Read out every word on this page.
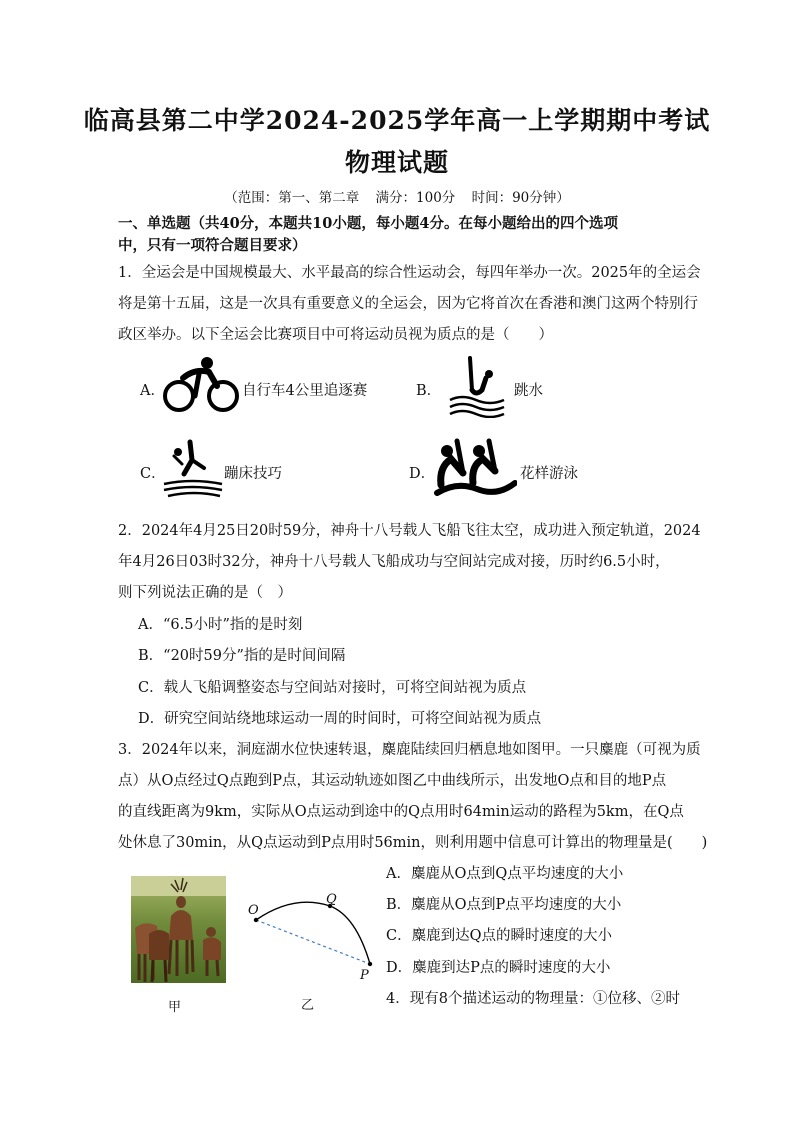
临高县第二中学2024-2025学年高一上学期期中考试
物理试题
（范围：第一、第二章 满分：100分 时间：90分钟）
一、单选题（共40分，本题共10小题，每小题4分。在每小题给出的四个选项
中，只有一项符合题目要求）
1．全运会是中国规模最大、水平最高的综合性运动会，每四年举办一次。2025年的全运会
将是第十五届，这是一次具有重要意义的全运会，因为它将首次在香港和澳门这两个特别行
政区举办。以下全运会比赛项目中可将运动员视为质点的是（　　）
A．	自行车4公里追逐赛	B．	跳水
C．	蹦床技巧	D．	花样游泳
2．2024年4月25日20时59分，神舟十八号载人飞船飞往太空，成功进入预定轨道，2024
年4月26日03时32分，神舟十八号载人飞船成功与空间站完成对接，历时约6.5小时，
则下列说法正确的是（　）
A．“6.5小时”指的是时刻
B．“20时59分”指的是时间间隔
C．载人飞船调整姿态与空间站对接时，可将空间站视为质点
D．研究空间站绕地球运动一周的时间时，可将空间站视为质点
3．2024年以来，洞庭湖水位快速转退，麋鹿陆续回归栖息地如图甲。一只麋鹿（可视为质
点）从O点经过Q点跑到P点，其运动轨迹如图乙中曲线所示，出发地O点和目的地P点
的直线距离为9km，实际从O点运动到途中的Q点用时64min运动的路程为5km，在Q点
处休息了30min，从Q点运动到P点用时56min，则利用题中信息可计算出的物理量是(　　)
甲
O
Q
P
乙
A．麋鹿从O点到Q点平均速度的大小
B．麋鹿从O点到P点平均速度的大小
C．麋鹿到达Q点的瞬时速度的大小
D．麋鹿到达P点的瞬时速度的大小
4．现有8个描述运动的物理量：①位移、②时
